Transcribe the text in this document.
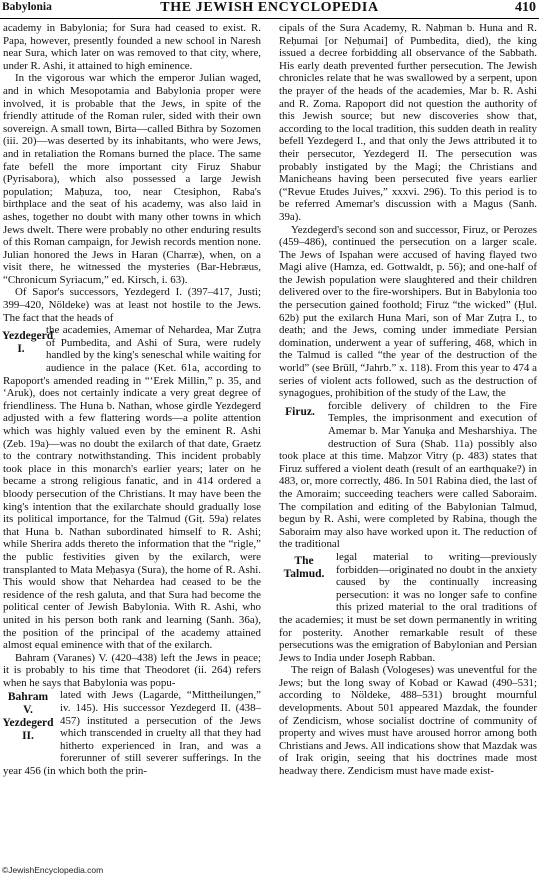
Babylonia	THE JEWISH ENCYCLOPEDIA	410

academy in Babylonia; for Sura had ceased to exist. R. Papa, however, presently founded a new school in Naresh near Sura, which later on was removed to that city, where, under R. Ashi, it attained to high eminence.

In the vigorous war which the emperor Julian waged, and in which Mesopotamia and Babylonia proper were involved, it is probable that the Jews, in spite of the friendly attitude of the Roman ruler, sided with their own sovereign. A small town, Birta—called Bithra by Sozomen (iii. 20)—was deserted by its inhabitants, who were Jews, and in retaliation the Romans burned the place. The same fate befell the more important city Firuz Shabur (Pyrisabora), which also possessed a large Jewish population; Maḥuza, too, near Ctesiphon, Raba's birthplace and the seat of his academy, was also laid in ashes, together no doubt with many other towns in which Jews dwelt. There were probably no other enduring results of this Roman campaign, for Jewish records mention none. Julian honored the Jews in Haran (Charræ), when, on a visit there, he witnessed the mysteries (Bar-Hebræus, “Chronicum Syriacum,” ed. Kirsch, i. 63).

Of Sapor's successors, Yezdegerd I. (397–417, Justi; 399–420, Nöldeke) was at least not hostile to the Jews. The fact that the heads of

Yezdegerd I.

the academies, Amemar of Nehardea, Mar Zuṭra of Pumbedita, and Ashi of Sura, were rudely handled by the king's seneschal while waiting for audience in the palace (Ket. 61a, according to Rapoport's amended reading in “‘Erek Millin,” p. 35, and ‘Aruk), does not certainly indicate a very great degree of friendliness. The Huna b. Nathan, whose girdle Yezdegerd adjusted with a few flattering words—a polite attention which was highly valued even by the eminent R. Ashi (Zeb. 19a)—was no doubt the exilarch of that date, Graetz to the contrary notwithstanding. This incident probably took place in this monarch's earlier years; later on he became a strong religious fanatic, and in 414 ordered a bloody persecution of the Christians. It may have been the king's intention that the exilarchate should gradually lose its political importance, for the Talmud (Giṭ. 59a) relates that Huna b. Nathan subordinated himself to R. Ashi; while Sherira adds thereto the information that the “rigle,” the public festivities given by the exilarch, were transplanted to Mata Meḥasya (Sura), the home of R. Ashi. This would show that Nehardea had ceased to be the residence of the resh galuta, and that Sura had become the political center of Jewish Babylonia. With R. Ashi, who united in his person both rank and learning (Sanh. 36a), the position of the principal of the academy attained almost equal eminence with that of the exilarch.

Bahram (Varanes) V. (420–438) left the Jews in peace; it is probably to his time that Theodoret (ii. 264) refers when he says that Babylonia was popu-

Bahram V. Yezdegerd II.

lated with Jews (Lagarde, “Mittheilungen,” iv. 145). His successor Yezdegerd II. (438–457) instituted a persecution of the Jews which transcended in cruelty all that they had hitherto experienced in Iran, and was a forerunner of still severer sufferings. In the year 456 (in which both the prin-

cipals of the Sura Academy, R. Naḥman b. Huna and R. Reḥumai [or Neḥumai] of Pumbedita, died), the king issued a decree forbidding all observance of the Sabbath. His early death prevented further persecution. The Jewish chronicles relate that he was swallowed by a serpent, upon the prayer of the heads of the academies, Mar b. R. Ashi and R. Zoma. Rapoport did not question the authority of this Jewish source; but new discoveries show that, according to the local tradition, this sudden death in reality befell Yezdegerd I., and that only the Jews attributed it to their persecutor, Yezdegerd II. The persecution was probably instigated by the Magi; the Christians and Manicheans having been persecuted five years earlier (“Revue Etudes Juives,” xxxvi. 296). To this period is to be referred Amemar's discussion with a Magus (Sanh. 39a).

Yezdegerd's second son and successor, Firuz, or Perozes (459–486), continued the persecution on a larger scale. The Jews of Ispahan were accused of having flayed two Magi alive (Hamza, ed. Gottwaldt, p. 56); and one-half of the Jewish population were slaughtered and their children delivered over to the fire-worshipers. But in Babylonia too the persecution gained foothold; Firuz “the wicked” (Ḥul. 62b) put the exilarch Huna Mari, son of Mar Zuṭra I., to death; and the Jews, coming under immediate Persian domination, underwent a year of suffering, 468, which in the Talmud is called “the year of the destruction of the world” (see Brüll, “Jahrb.” x. 118). From this year to 474 a series of violent acts followed, such as the destruction of synagogues, prohibition of the study of the Law, the

Firuz.	forcible delivery of children to the Fire Temples, the imprisonment and execution of Amemar b. Mar Yanuḳa and Mesharshiya. The destruction of Sura (Shab. 11a) possibly also took place at this time. Maḥzor Vitry (p. 483) states that Firuz suffered a violent death (result of an earthquake?) in 483, or, more correctly, 486. In 501 Rabina died, the last of the Amoraim; succeeding teachers were called Saboraim. The compilation and editing of the Babylonian Talmud, begun by R. Ashi, were completed by Rabina, though the Saboraim may also have worked upon it. The reduction of the traditional

The Talmud.

legal material to writing—previously forbidden—originated no doubt in the anxiety caused by the continually increasing persecution: it was no longer safe to confine this prized material to the oral traditions of the academies; it must be set down permanently in writing for posterity. Another remarkable result of these persecutions was the emigration of Babylonian and Persian Jews to India under Joseph Rabban.

The reign of Balash (Vologeses) was uneventful for the Jews; but the long sway of Kobad or Kawad (490–531; according to Nöldeke, 488–531) brought mournful developments. About 501 appeared Mazdak, the founder of Zendicism, whose socialist doctrine of community of property and wives must have aroused horror among both Christians and Jews. All indications show that Mazdak was of Irak origin, seeing that his doctrines made most headway there. Zendicism must have made exist-

©JewishEncyclopedia.com
